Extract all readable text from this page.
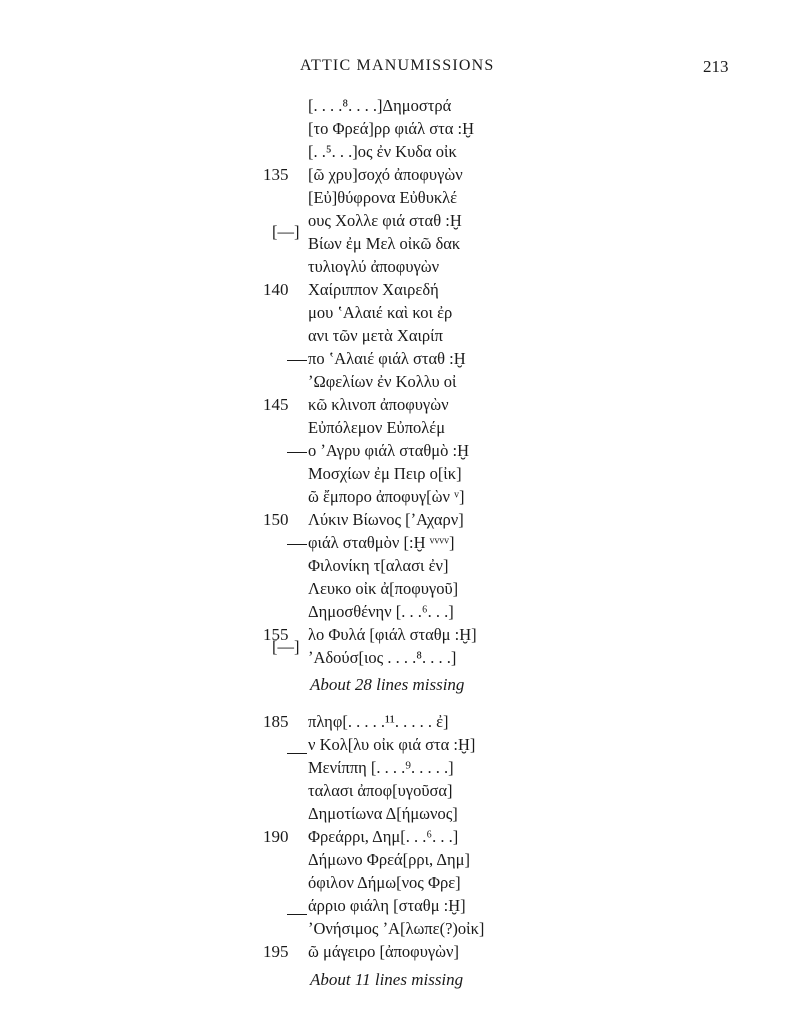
ATTIC MANUMISSIONS	213
[. . . .⁸. . . .]Δημοστρά
[το Φρεά]ρρ φιάλ στα :Ḫ
[. .⁵. . .]ος ἐν Κυδα οἰκ
[ῶ χρυ]σοχό ἀποφυγὼν
[Εὐ]θύφρονα Εὐθυκλέ
ους Χολλε φιά σταθ :Ḫ
Βίων ἐμ Μελ οἰκῶ δακ
τυλιογλύ ἀποφυγὼν
Χαίριππον Χαιρεδή
μου ʽΑλαιέ καὶ κοι ἐρ
ανι τῶν μετὰ Χαιρίπ
πο ʽΑλαιέ φιάλ σταθ :Ḫ
ʼΩφελίων ἐν Κολλυ οἰ
κῶ κλινοπ ἀποφυγὼν
Εὐπόλεμον Εὐπολέμ
ο ʼΑγρυ φιάλ σταθμὸ :Ḫ
Μοσχίων ἐμ Πειρ ο[ἰκ]
ῶ ἔμπορο ἀποφυγ[ὼν ᵛ]
Λύκιν Βίωνος [ʼΑχαρν]
φιάλ σταθμὸν [:Ḫ ᵛᵛᵛᵛ]
Φιλονίκη τ[αλασι ἐν]
Λευκο οἰκ ἀ[ποφυγοῦ]
Δημοσθένην [. . .⁶. . .]
λο Φυλά [φιάλ σταθμ :Ḫ]
ʼΑδούσ[ιος . . . .⁸. . . .]
135
140
145
150
155
[—]
[—]
About 28 lines missing
πληφ[. . . . .¹¹. . . . . ἐ]
ν Κολ[λυ οἰκ φιά στα :Ḫ]
Μενίππη [. . . .⁹. . . . .]
ταλασι ἀποφ[υγοῦσα]
Δημοτίωνα Δ[ήμωνος]
Φρεάρρι, Δημ[. . .⁶. . .]
Δήμωνο Φρεά[ρρι, Δημ]
όφιλον Δήμω[νος Φρε]
άρριο φιάλη [σταθμ :Ḫ]
ʼΟνήσιμος ʼΑ[λωπε(?)οἰκ]
ῶ μάγειρο [ἀποφυγὼν]
185
190
195
About 11 lines missing
